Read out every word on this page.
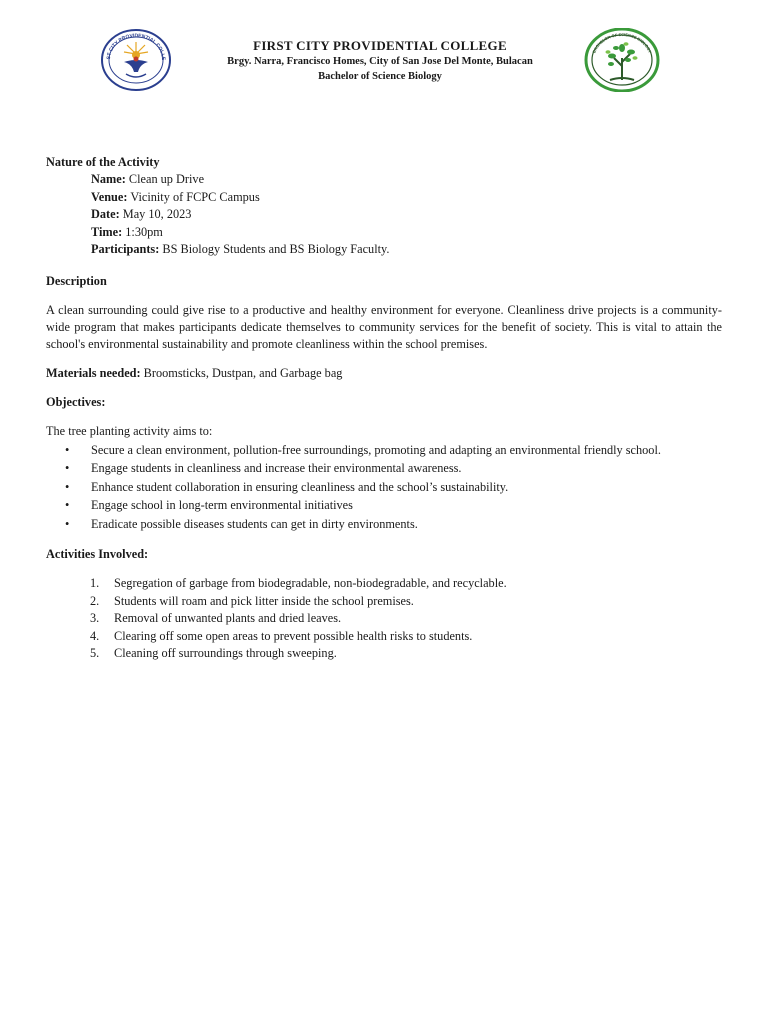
ST CITY PROVIDENTIAL COLLE
FIRST CITY PROVIDENTIAL COLLEGE
Brgy. Narra, Francisco Homes, City of San Jose Del Monte, Bulacan
Bachelor of Science Biology
BACHELOR OF SCIENCE BIOLOGY
Nature of the Activity
Name: Clean up Drive
Venue: Vicinity of FCPC Campus
Date: May 10, 2023
Time: 1:30pm
Participants: BS Biology Students and BS Biology Faculty.
Description
A clean surrounding could give rise to a productive and healthy environment for everyone. Cleanliness drive projects is a community-wide program that makes participants dedicate themselves to community services for the benefit of society. This is vital to attain the school's environmental sustainability and promote cleanliness within the school premises.
Materials needed: Broomsticks, Dustpan, and Garbage bag
Objectives:
The tree planting activity aims to:
• Secure a clean environment, pollution-free surroundings, promoting and adapting an environmental friendly school.
• Engage students in cleanliness and increase their environmental awareness.
• Enhance student collaboration in ensuring cleanliness and the school’s sustainability.
• Engage school in long-term environmental initiatives
• Eradicate possible diseases students can get in dirty environments.
Activities Involved:
1. Segregation of garbage from biodegradable, non-biodegradable, and recyclable.
2. Students will roam and pick litter inside the school premises.
3. Removal of unwanted plants and dried leaves.
4. Clearing off some open areas to prevent possible health risks to students.
5. Cleaning off surroundings through sweeping.
